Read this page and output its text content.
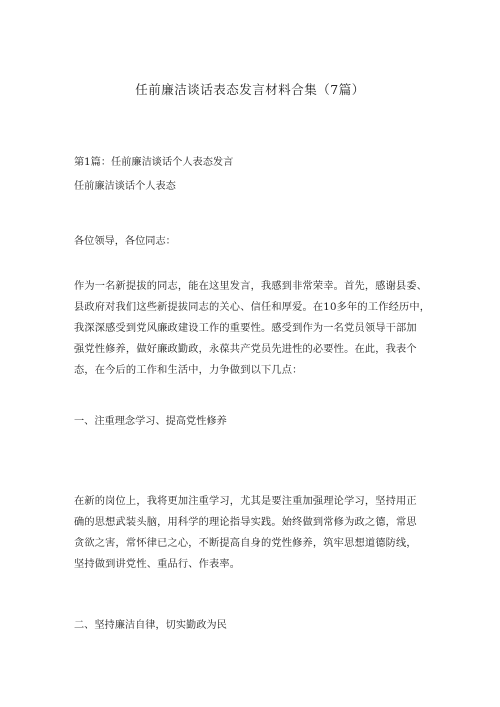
任前廉洁谈话表态发言材料合集（7篇）
第1篇：任前廉洁谈话个人表态发言
任前廉洁谈话个人表态
各位领导，各位同志：

作为一名新提拔的同志，能在这里发言，我感到非常荣幸。首先，感谢县委、

县政府对我们这些新提拔同志的关心、信任和厚爱。在10多年的工作经历中，

我深深感受到党风廉政建设工作的重要性。感受到作为一名党员领导干部加

强党性修养，做好廉政勤政，永葆共产党员先进性的必要性。在此，我表个

态，在今后的工作和生活中，力争做到以下几点：

一、注重理念学习、提高党性修养

在新的岗位上，我将更加注重学习，尤其是要注重加强理论学习，坚持用正

确的思想武装头脑，用科学的理论指导实践。始终做到常修为政之德，常思

贪欲之害，常怀律已之心，不断提高自身的党性修养，筑牢思想道德防线，

坚持做到讲党性、重品行、作表率。

二、坚持廉洁自律，切实勤政为民
